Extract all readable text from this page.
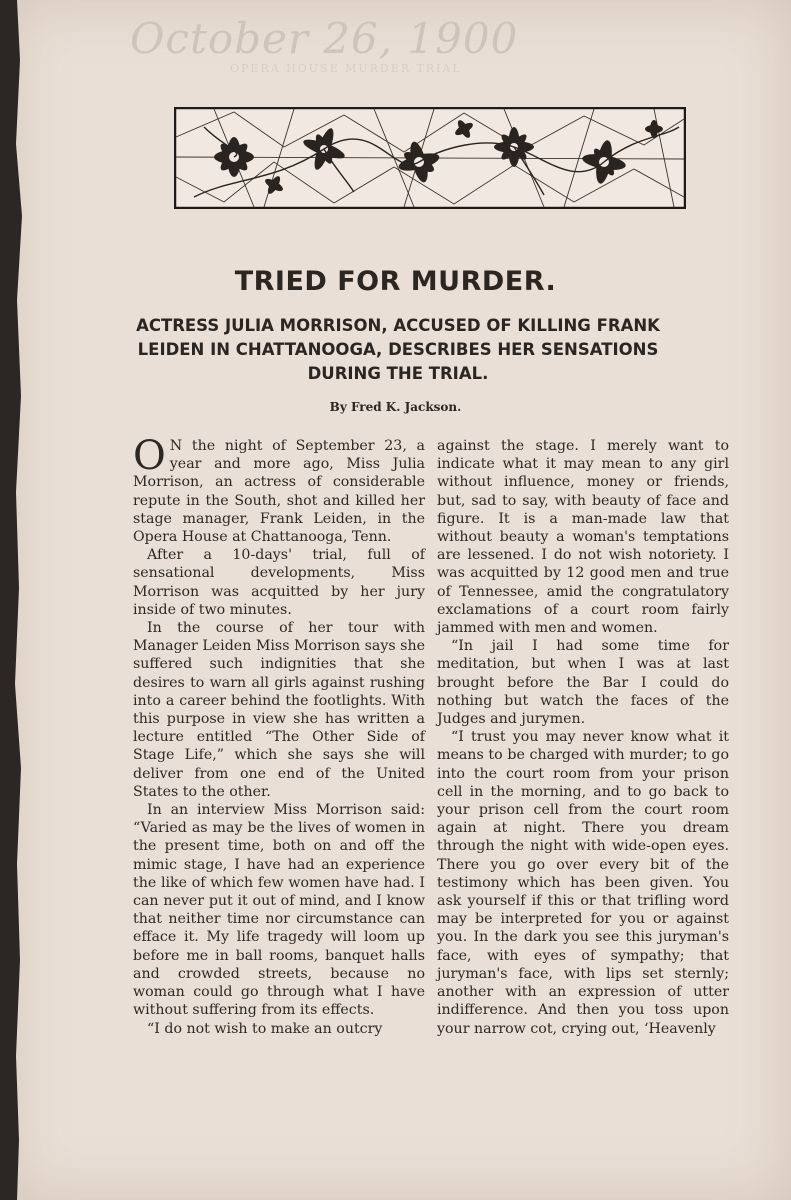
October 26, 1900
OPERA HOUSE MURDER TRIAL
TRIED FOR MURDER.
ACTRESS JULIA MORRISON, ACCUSED OF KILLING FRANK LEIDEN IN CHATTANOOGA, DESCRIBES HER SENSATIONS DURING THE TRIAL.
By Fred K. Jackson.

O N the night of September 23, a year and more ago, Miss Julia Morrison, an actress of considerable repute in the South, shot and killed her stage manager, Frank Leiden, in the Opera House at Chattanooga, Tenn.

After a 10-days' trial, full of sensational developments, Miss Morrison was acquitted by her jury inside of two minutes.

In the course of her tour with Manager Leiden Miss Morrison says she suffered such indignities that she desires to warn all girls against rushing into a career behind the footlights. With this purpose in view she has written a lecture entitled “The Other Side of Stage Life,” which she says she will deliver from one end of the United States to the other.

In an interview Miss Morrison said: “Varied as may be the lives of women in the present time, both on and off the mimic stage, I have had an experience the like of which few women have had. I can never put it out of mind, and I know that neither time nor circumstance can efface it. My life tragedy will loom up before me in ball rooms, banquet halls and crowded streets, because no woman could go through what I have without suffering from its effects.

“I do not wish to make an outcry

against the stage. I merely want to indicate what it may mean to any girl without influence, money or friends, but, sad to say, with beauty of face and figure. It is a man-made law that without beauty a woman's temptations are lessened. I do not wish notoriety. I was acquitted by 12 good men and true of Tennessee, amid the congratulatory exclamations of a court room fairly jammed with men and women.

“In jail I had some time for meditation, but when I was at last brought before the Bar I could do nothing but watch the faces of the Judges and jurymen.

“I trust you may never know what it means to be charged with murder; to go into the court room from your prison cell in the morning, and to go back to your prison cell from the court room again at night. There you dream through the night with wide-open eyes. There you go over every bit of the testimony which has been given. You ask yourself if this or that trifling word may be interpreted for you or against you. In the dark you see this juryman's face, with eyes of sympathy; that juryman's face, with lips set sternly; another with an expression of utter indifference. And then you toss upon your narrow cot, crying out, ‘Heavenly
